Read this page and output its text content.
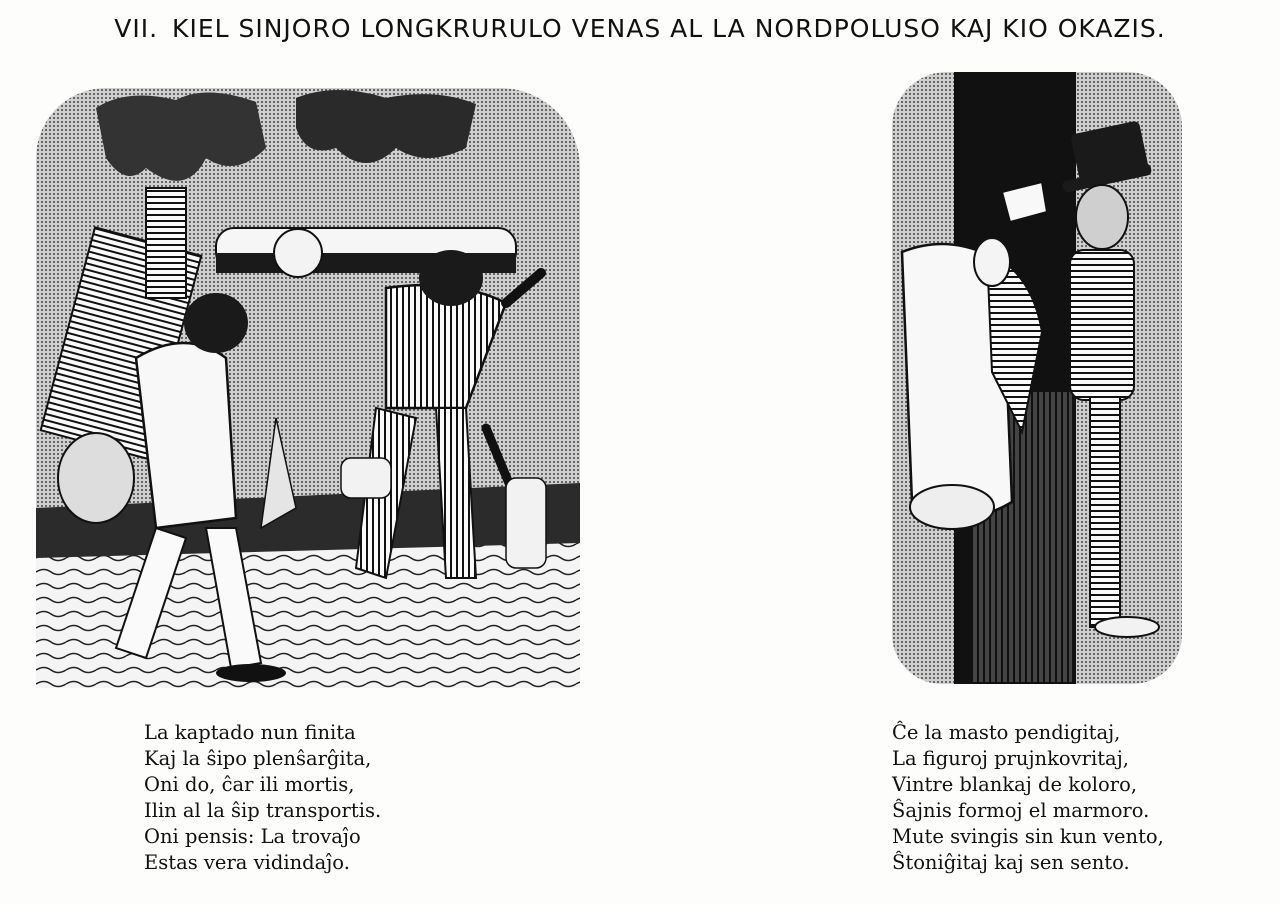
VII. KIEL SINJORO LONGKRURULO VENAS AL LA NORDPOLUSO KAJ KIO OKAZIS.
La kaptado nun finita
Kaj la ŝipo plenŝarĝita,
Oni do, ĉar ili mortis,
Ilin al la ŝip transportis.
Oni pensis: La trovaĵo
Estas vera vidindaĵo.
Ĉe la masto pendigitaj,
La figuroj prujnkovritaj,
Vintre blankaj de koloro,
Ŝajnis formoj el marmoro.
Mute svingis sin kun vento,
Ŝtoniĝitaj kaj sen sento.
